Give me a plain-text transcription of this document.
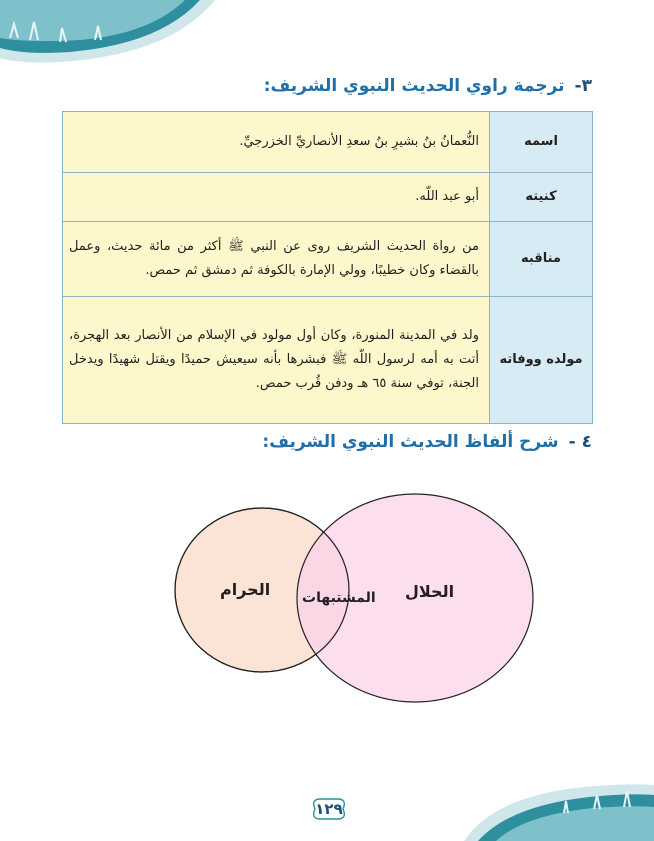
٣-
ترجمة راوي الحديث النبوي الشريف:
اسمه	النُّعمانُ بنُ بشيرِ بنُ سعدِ الأنصاريِّ الخزرجيِّ.
كنيته	أبو عبد اللّه.
مناقبه	من رواة الحديث الشريف روى عن النبي ﷺ أكثر من مائة حديث، وعمل بالقضاء وكان خطيبًا، وولي الإمارة بالكوفة ثم دمشق ثم حمص.
مولده ووفاته	ولد في المدينة المنورة، وكان أول مولود في الإسلام من الأنصار بعد الهجرة، أتت به أمه لرسول اللّه ﷺ فبشرها بأنه سيعيش حميدًا ويقتل شهيدًا ويدخل الجنة، توفي سنة ٦٥ هـ ودفن قُرب حمص.
٤ -
شرح ألفاظ الحديث النبوي الشريف:
الحرام المشتبهات الحلال
١٢٩
